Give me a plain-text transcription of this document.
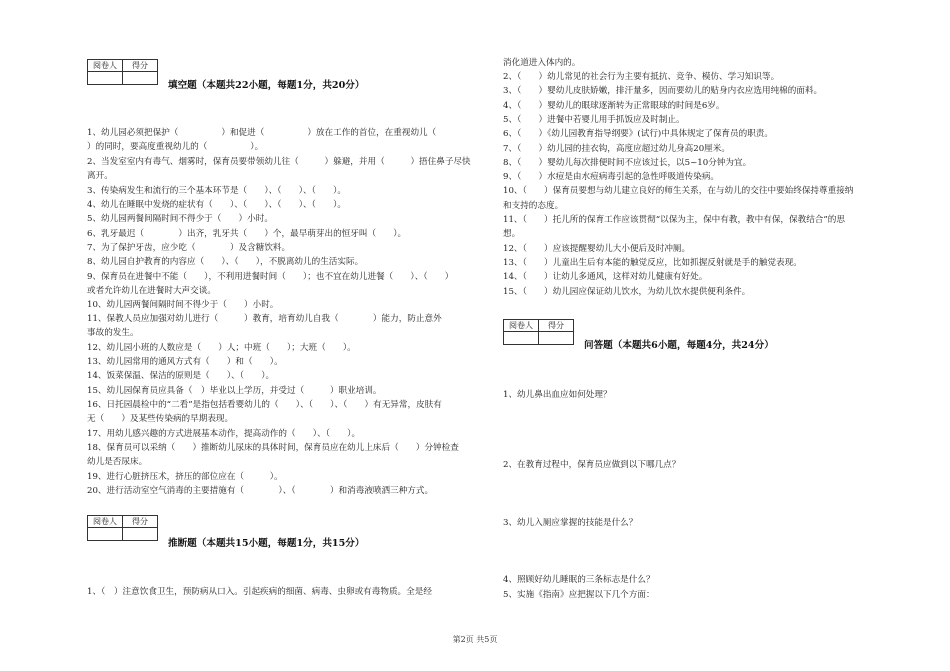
阅卷人	得分

填空题（本题共22小题，每题1分，共20分）
1、幼儿园必须把保护（　　　　　）和促进（　　　　　）放在工作的首位，在重视幼儿（
）的同时，要高度重视幼儿的（　　　　　）。
2、当发室室内有毒气、烟雾时，保育员要带领幼儿往（　　　）躲避，并用（　　　）捂住鼻子尽快
离开。
3、传染病发生和流行的三个基本环节是（　　）、（　　）、（　　）。
4、幼儿在睡眠中发烧的症状有（　　）、（　　）、（　　）、（　　）。
5、幼儿园两餐间隔时间不得少于（　　）小时。
6、乳牙最迟（　　　　）出齐，乳牙共（　　）个，最早萌芽出的恒牙叫（　　）。
7、为了保护牙齿，应少吃（　　　　）及含糖饮料。
8、幼儿园自护教育的内容应（　　）、（　　），不脱离幼儿的生活实际。
9、保育员在进餐中不能（　　），不利用进餐时间（　　）；也不宜在幼儿进餐（　　）、（　　）
或者允许幼儿在进餐时大声交谈。
10、幼儿园两餐间隔时间不得少于（　　）小时。
11、保教人员应加强对幼儿进行（　　　）教育，培育幼儿自我（　　　　）能力，防止意外
事故的发生。
12、幼儿园小班的人数应是（　　）人；中班（　　）；大班（　　）。
13、幼儿园常用的通风方式有（　　）和（　　）。
14、饭菜保温、保洁的原则是（　　）、（　　）。
15、幼儿园保育员应具备（　）毕业以上学历，并受过（　　　）职业培训。
16、日托园晨检中的“二看”是指包括看婴幼儿的（　　）、（　　）、（　　）有无异常，皮肤有
无（　　）及某些传染病的早期表现。
17、用幼儿感兴趣的方式进展基本动作，提高动作的（　　）、（　　）。
18、保育员可以采纳（　　）推断幼儿尿床的具体时间，保育员应在幼儿上床后（　　）分钟检查
幼儿是否尿床。
19、进行心脏挤压术，挤压的部位应在（　　　）。
20、进行活动室空气消毒的主要措施有（　　　　）、（　　　　）和消毒液喷洒三种方式。
阅卷人	得分

推断题（本题共15小题，每题1分，共15分）
1、（　）注意饮食卫生，预防病从口入。引起疾病的细菌、病毒、虫卵或有毒物质。全是经
消化道进入体内的。
2、（　　）幼儿常见的社会行为主要有抵抗、竞争、模仿、学习知识等。
3、（　　）婴幼儿皮肤娇嫩，排汗量多，因而要幼儿的贴身内衣应选用纯棉的面料。
4、（　　）婴幼儿的眼球逐渐转为正常眼球的时间是6岁。
5、（　　）进餐中若婴儿用手抓饭应及时制止。
6、（　　）《幼儿园教育指导纲要》(试行)中具体规定了保育员的职责。
7、（　　）幼儿园的挂衣钩，高度应超过幼儿身高20厘米。
8、（　　）婴幼儿每次排便时间不应该过长，以5~10分钟为宜。
9、（　　）水痘是由水痘病毒引起的急性呼吸道传染病。
10、（　　）保育员要想与幼儿建立良好的师生关系，在与幼儿的交往中要始终保持尊重接纳
和支持的态度。
11、（　　）托儿所的保育工作应该贯彻“以保为主，保中有教，教中有保，保教结合”的思
想。
12、（　　）应该提醒婴幼儿大小便后及时冲厕。
13、（　　）儿童出生后有本能的触觉反应，比如抓握反射就是手的触觉表现。
14、（　　）让幼儿多通风，这样对幼儿健康有好处。
15、（　　）幼儿园应保证幼儿饮水，为幼儿饮水提供便利条件。
阅卷人	得分

问答题（本题共6小题，每题4分，共24分）
1、幼儿鼻出血应如何处理？
2、在教育过程中，保育员应做到以下哪几点？
3、幼儿入厕应掌握的技能是什么？
4、照顾好幼儿睡眠的三条标志是什么？
5、实施《指南》应把握以下几个方面：
第2页 共5页
